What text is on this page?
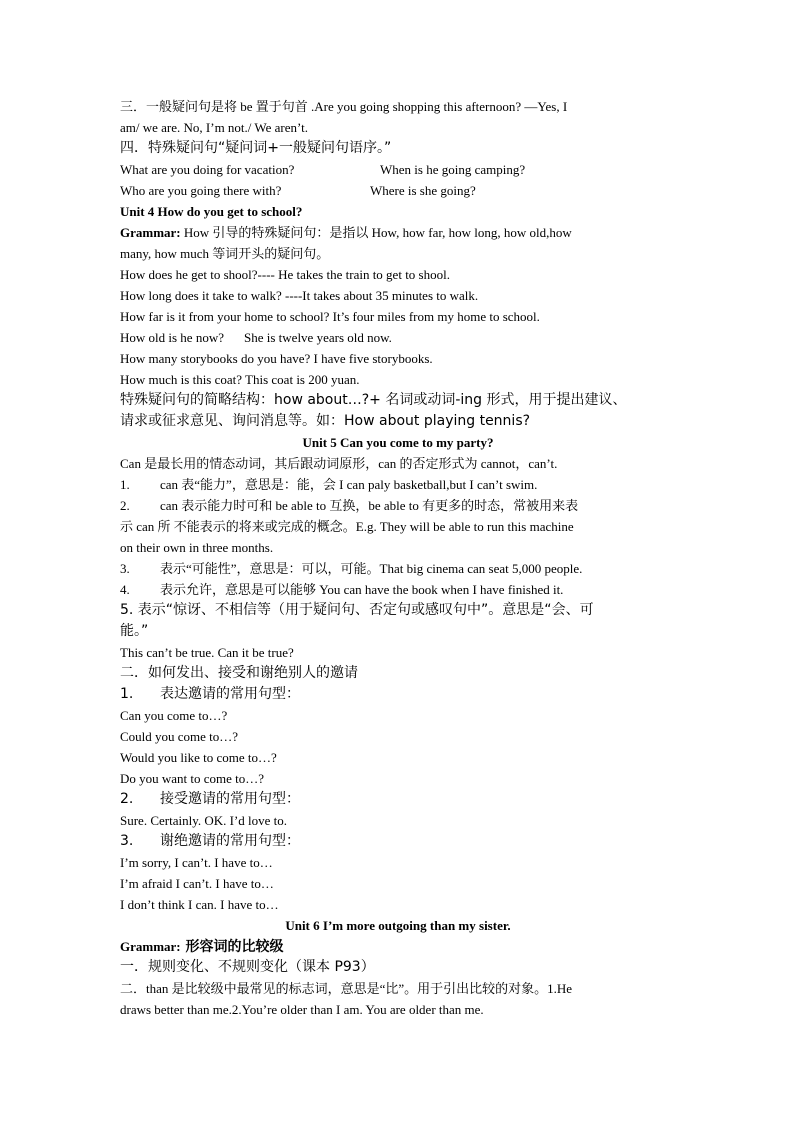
三．一般疑问句是将 be 置于句首 .Are you going shopping this afternoon? —Yes, I
am/ we are. No, I’m not./ We aren’t.
四．特殊疑问句“疑问词+一般疑问句语序。”
What are you doing for vacation?	When is he going camping?
Who are you going there with?	Where is she going?
Unit 4 How do you get to school?
Grammar: How 引导的特殊疑问句：是指以 How, how far, how long, how old,how
many, how much 等词开头的疑问句。
How does he get to shool?---- He takes the train to get to shool.
How long does it take to walk? ----It takes about 35 minutes to walk.
How far is it from your home to school? It’s four miles from my home to school.
How old is he now? She is twelve years old now.
How many storybooks do you have? I have five storybooks.
How much is this coat? This coat is 200 yuan.
特殊疑问句的简略结构：how about…?+ 名词或动词-ing 形式，用于提出建议、
请求或征求意见、询问消息等。如：How about playing tennis?
Unit 5 Can you come to my party?
Can 是最长用的情态动词，其后跟动词原形，can 的否定形式为 cannot，can’t.
1. can 表“能力”，意思是：能，会 I can paly basketball,but I can’t swim.
2. can 表示能力时可和 be able to 互换，be able to 有更多的时态，常被用来表
示 can 所 不能表示的将来或完成的概念。E.g. They will be able to run this machine
on their own in three months.
3. 表示“可能性”，意思是：可以，可能。That big cinema can seat 5,000 people.
4. 表示允许，意思是可以能够 You can have the book when I have finished it.
5. 表示“惊讶、不相信等（用于疑问句、否定句或感叹句中”。意思是“会、可
能。”
This can’t be true. Can it be true?
二．如何发出、接受和谢绝别人的邀请
1. 表达邀请的常用句型：
Can you come to…?
Could you come to…?
Would you like to come to…?
Do you want to come to…?
2. 接受邀请的常用句型：
Sure. Certainly. OK. I’d love to.
3. 谢绝邀请的常用句型：
I’m sorry, I can’t. I have to…
I’m afraid I can’t. I have to…
I don’t think I can. I have to…
Unit 6 I’m more outgoing than my sister.
Grammar: 形容词的比较级
一．规则变化、不规则变化（课本 P93）
二．than 是比较级中最常见的标志词，意思是“比”。用于引出比较的对象。1.He
draws better than me.2.You’re older than I am. You are older than me.
